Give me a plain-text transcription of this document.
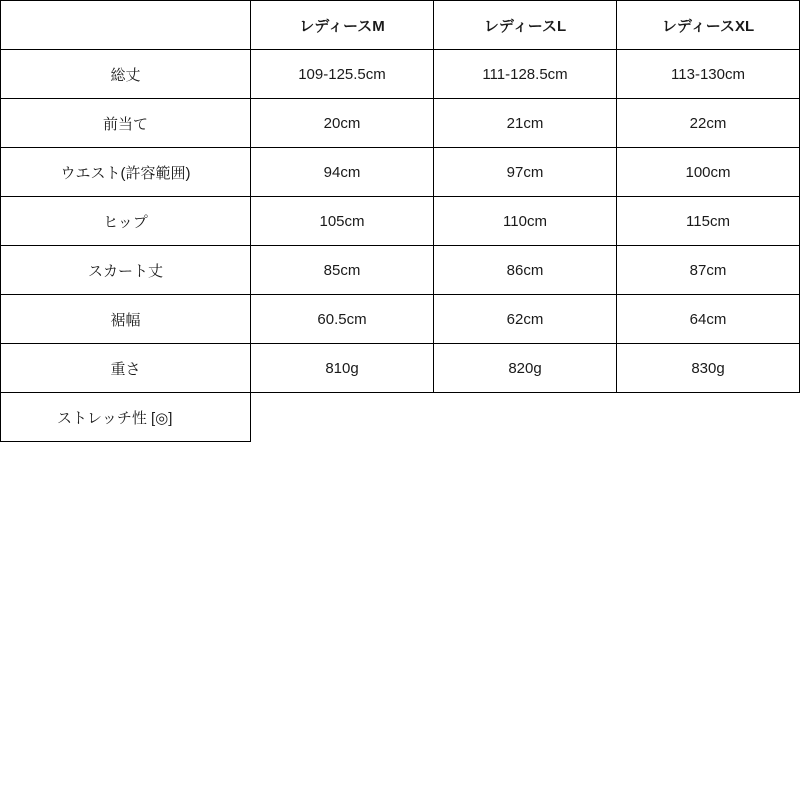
	レディースM	レディースL	レディースXL
総丈	109-125.5cm	111-128.5cm	113-130cm
前当て	20cm	21cm	22cm
ウエスト(許容範囲)	94cm	97cm	100cm
ヒップ	105cm	110cm	115cm
スカート丈	85cm	86cm	87cm
裾幅	60.5cm	62cm	64cm
重さ	810g	820g	830g
ストレッチ性 [◎]			
